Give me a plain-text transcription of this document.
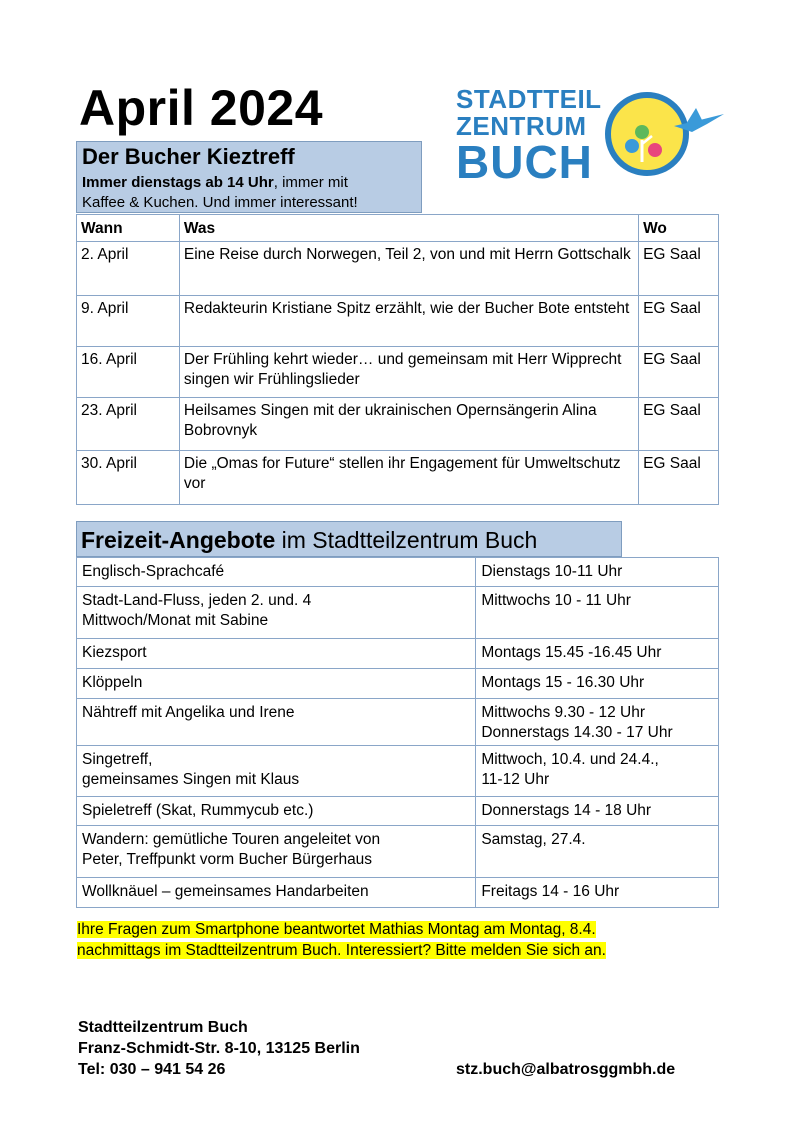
April 2024	STADTTEIL
ZENTRUM
BUCH
Der Bucher Kieztreff
Immer dienstags ab 14 Uhr, immer mit
Kaffee & Kuchen. Und immer interessant!
Wann	Was	Wo
2. April	Eine Reise durch Norwegen, Teil 2, von und mit Herrn Gottschalk	EG Saal
9. April	Redakteurin Kristiane Spitz erzählt, wie der Bucher Bote entsteht	EG Saal
16. April	Der Frühling kehrt wieder… und gemeinsam mit Herr Wipprecht singen wir Frühlingslieder	EG Saal
23. April	Heilsames Singen mit der ukrainischen Opernsängerin Alina Bobrovnyk	EG Saal
30. April	Die „Omas for Future“ stellen ihr Engagement für Umweltschutz vor	EG Saal
Freizeit-Angebote im Stadtteilzentrum Buch
Englisch-Sprachcafé	Dienstags 10-11 Uhr
Stadt-Land-Fluss, jeden 2. und. 4
Mittwoch/Monat mit Sabine	Mittwochs 10 - 11 Uhr
Kiezsport	Montags 15.45 -16.45 Uhr
Klöppeln	Montags 15 - 16.30 Uhr
Nähtreff mit Angelika und Irene	Mittwochs 9.30 - 12 Uhr
Donnerstags 14.30 - 17 Uhr
Singetreff,
gemeinsames Singen mit Klaus	Mittwoch, 10.4. und 24.4.,
11-12 Uhr
Spieletreff (Skat, Rummycub etc.)	Donnerstags 14 - 18 Uhr
Wandern: gemütliche Touren angeleitet von
Peter, Treffpunkt vorm Bucher Bürgerhaus	Samstag, 27.4.
Wollknäuel – gemeinsames Handarbeiten	Freitags 14 - 16 Uhr
Ihre Fragen zum Smartphone beantwortet Mathias Montag am Montag, 8.4.
nachmittags im Stadtteilzentrum Buch. Interessiert? Bitte melden Sie sich an.
Stadtteilzentrum Buch
Franz-Schmidt-Str. 8-10, 13125 Berlin
Tel: 030 – 941 54 26	stz.buch@albatrosggmbh.de
